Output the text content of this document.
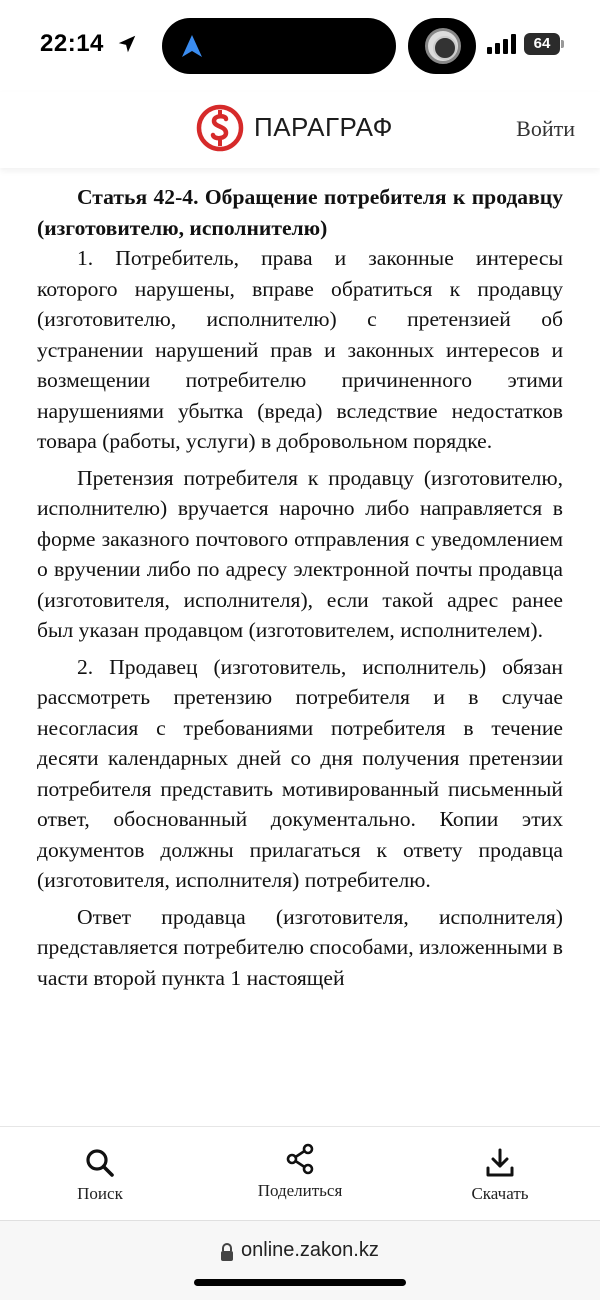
22:14	64
ПАРАГРАФ	Войти

Статья 42-4. Обращение потребителя к продавцу (изготовителю, исполнителю)

1. Потребитель, права и законные интересы которого нарушены, вправе обратиться к продавцу (изготовителю, исполнителю) с претензией об устранении нарушений прав и законных интересов и возмещении потребителю причиненного этими нарушениями убытка (вреда) вследствие недостатков товара (работы, услуги) в добровольном порядке.

Претензия потребителя к продавцу (изготовителю, исполнителю) вручается нарочно либо направляется в форме заказного почтового отправления с уведомлением о вручении либо по адресу электронной почты продавца (изготовителя, исполнителя), если такой адрес ранее был указан продавцом (изготовителем, исполнителем).

2. Продавец (изготовитель, исполнитель) обязан рассмотреть претензию потребителя и в случае несогласия с требованиями потребителя в течение десяти календарных дней со дня получения претензии потребителя представить мотивированный письменный ответ, обоснованный документально. Копии этих документов должны прилагаться к ответу продавца (изготовителя, исполнителя) потребителю.

Ответ продавца (изготовителя, исполнителя) представляется потребителю способами, изложенными в части второй пункта 1 настоящей

Поиск	Поделиться	Скачать
online.zakon.kz
